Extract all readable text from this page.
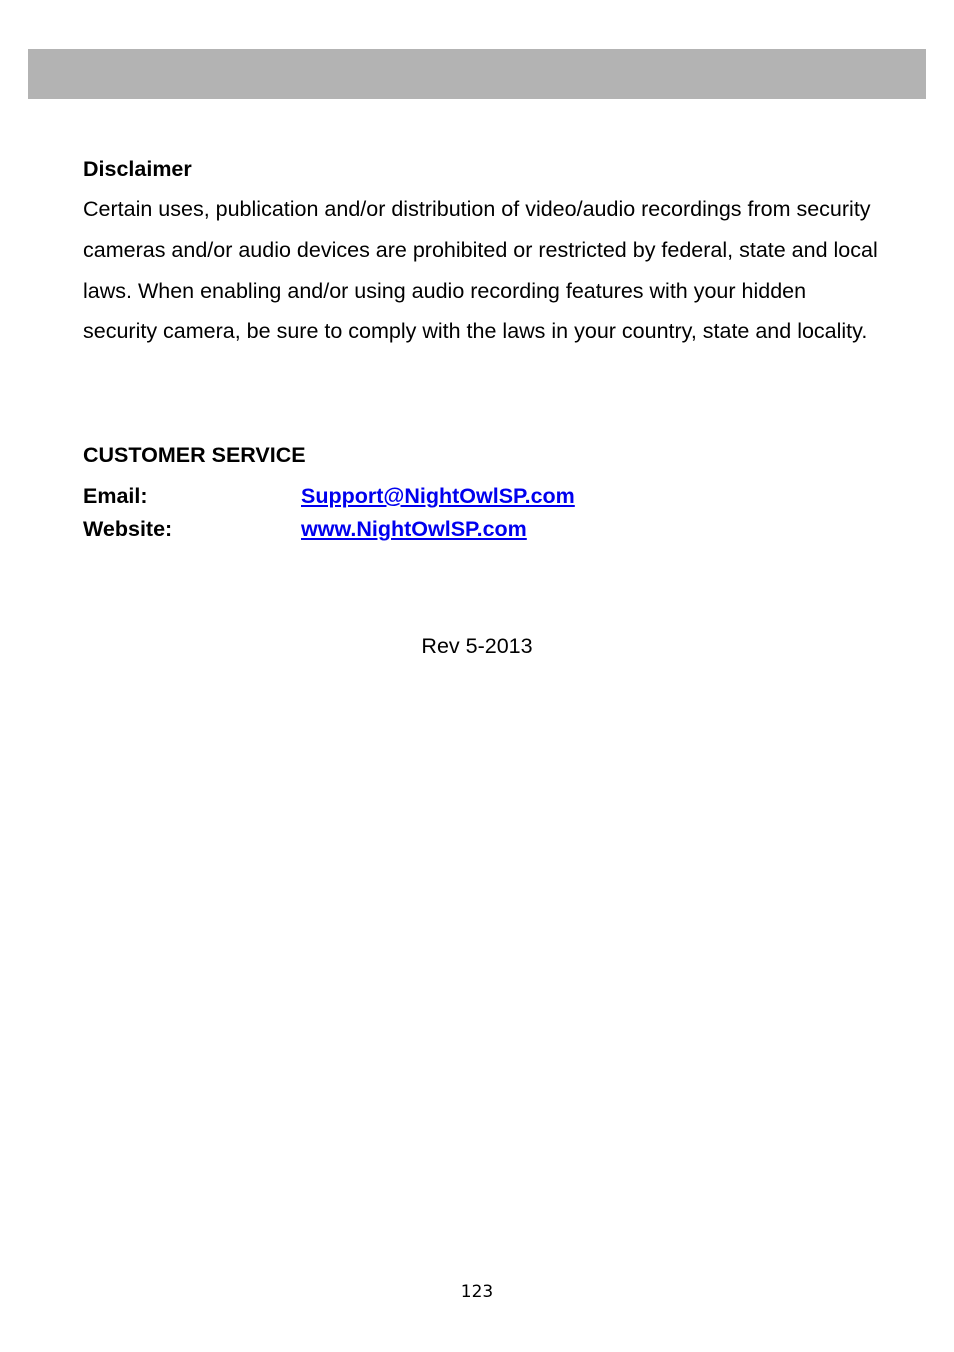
Disclaimer

Certain uses, publication and/or distribution of video/audio recordings from security cameras and/or audio devices are prohibited or restricted by federal, state and local laws. When enabling and/or using audio recording features with your hidden security camera, be sure to comply with the laws in your country, state and locality.

CUSTOMER SERVICE
Email:	Support@NightOwlSP.com
Website:	www.NightOwlSP.com
Rev 5-2013
123
